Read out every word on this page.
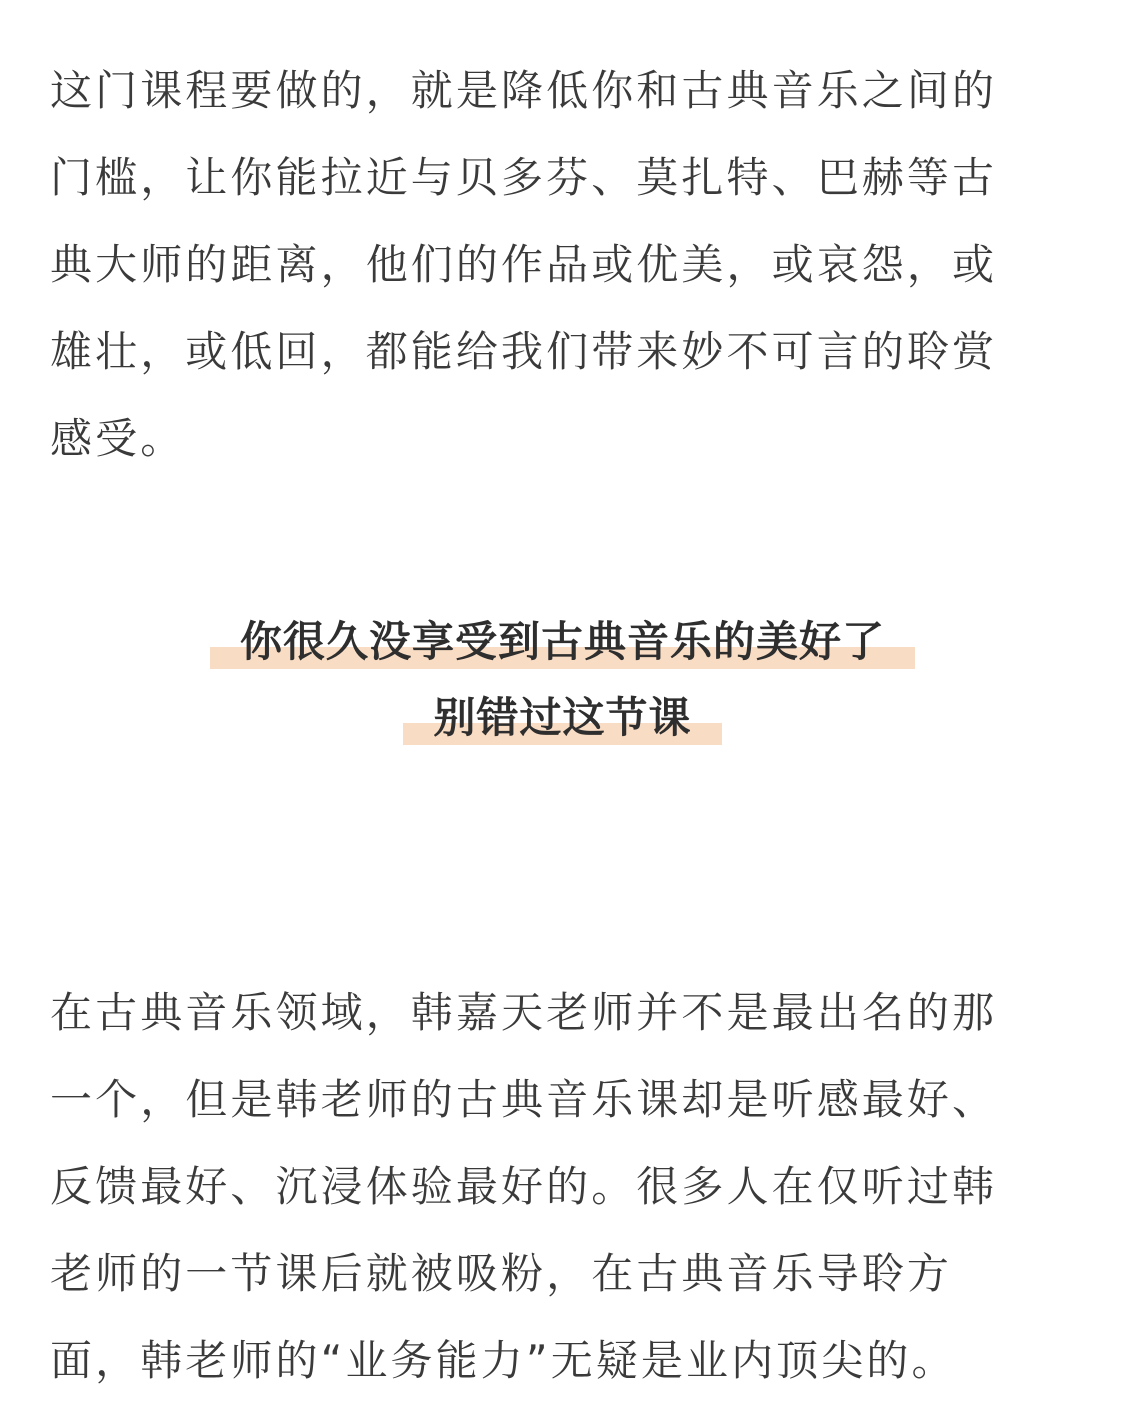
这门课程要做的，就是降低你和古典音乐之间的
门槛，让你能拉近与贝多芬、莫扎特、巴赫等古
典大师的距离，他们的作品或优美，或哀怨，或
雄壮，或低回，都能给我们带来妙不可言的聆赏
感受。
你很久没享受到古典音乐的美好了
别错过这节课
在古典音乐领域，韩嘉天老师并不是最出名的那
一个，但是韩老师的古典音乐课却是听感最好、
反馈最好、沉浸体验最好的。很多人在仅听过韩
老师的一节课后就被吸粉，在古典音乐导聆方
面，韩老师的“业务能力”无疑是业内顶尖的。
